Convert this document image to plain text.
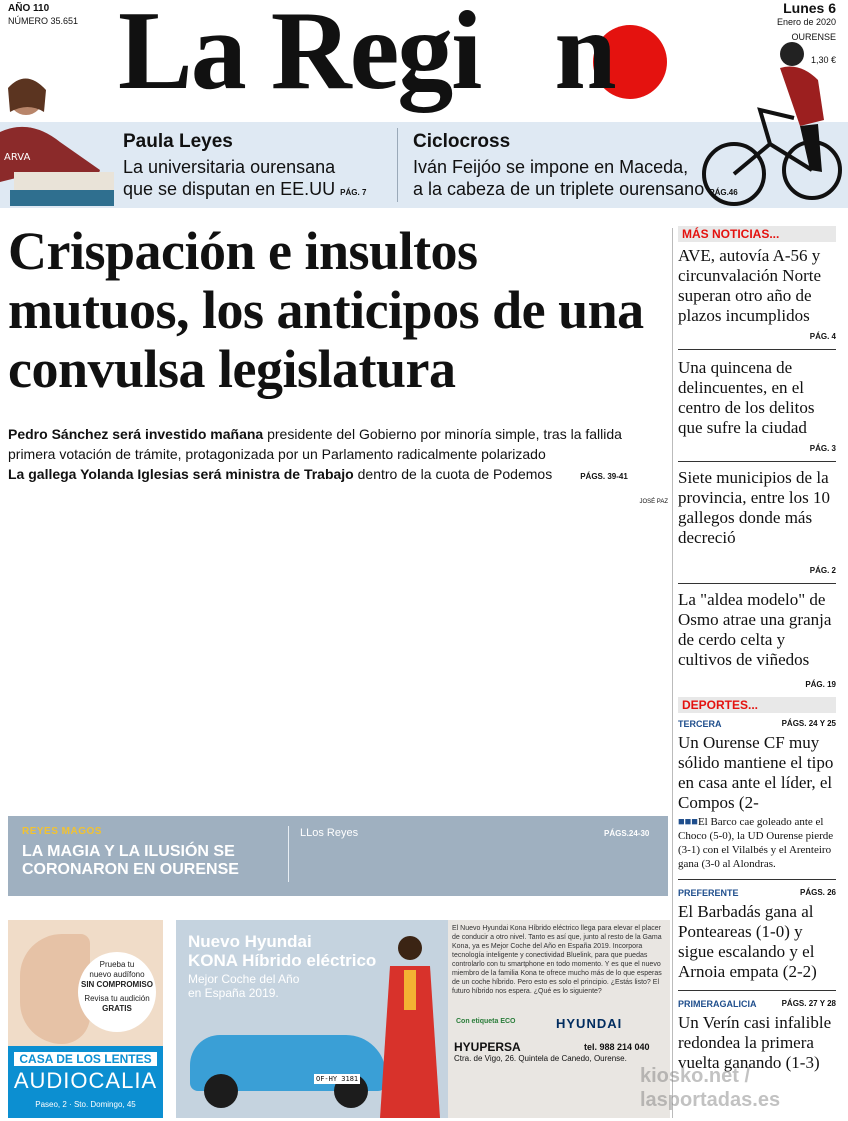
AÑO 110
NÚMERO 35.651 La Regi n	Lunes 6
Enero de 2020
OURENSE
1,30 €
ARVA
Paula Leyes
La universitaria ourensana
que se disputan en EE.UU PÁG. 7
Ciclocross
Iván Feijóo se impone en Maceda,
a la cabeza de un triplete ourensano PÁG.46
Crispación e insultos mutuos, los anticipos de una convulsa legislatura
Pedro Sánchez será investido mañana presidente del Gobierno por minoría simple, tras la fallida primera votación de trámite, protagonizada por un Parlamento radicalmente polarizado
La gallega Yolanda Iglesias será ministra de Trabajo dentro de la cuota de Podemos	PÁGS. 39-41
JOSÉ PAZ
REYES MAGOS
LA MAGIA Y LA ILUSIÓN SE CORONARON EN OURENSE
LLos Reyes	PÁGS.24-30
MÁS NOTICIAS...
AVE, autovía A-56 y circunvalación Norte superan otro año de plazos incumplidos
PÁG. 4
Una quincena de delincuentes, en el centro de los delitos que sufre la ciudad
PÁG. 3
Siete municipios de la provincia, entre los 10 gallegos donde más decreció
PÁG. 2
La "aldea modelo" de Osmo atrae una granja de cerdo celta y cultivos de viñedos
PÁG. 19
DEPORTES...
TERCERA	PÁGS. 24 Y 25
Un Ourense CF muy sólido mantiene el tipo en casa ante el líder, el Compos (2-
■■■El Barco cae goleado ante el Choco (5-0), la UD Ourense pierde (3-1) con el Vilalbés y el Arenteiro gana (3-0 al Alondras.
PREFERENTE	PÁGS. 26
El Barbadás gana al Ponteareas (1-0) y sigue escalando y el Arnoia empata (2-2)
PRIMERAGALICIA	PÁGS. 27 Y 28
Un Verín casi infalible redondea la primera vuelta ganando (1-3)
Prueba tu
nuevo audífono
SIN COMPROMISO
Revisa tu audición
GRATIS
CASA DE LOS LENTES
AUDIOCALIA
Paseo, 2 · Sto. Domingo, 45
Nuevo Hyundai
KONA Híbrido eléctrico
Mejor Coche del Año
en España 2019.
OF-HY 3181
El Nuevo Hyundai Kona Híbrido eléctrico llega para elevar el placer de conducir a otro nivel. Tanto es así que, junto al resto de la Gama Kona, ya es Mejor Coche del Año en España 2019. Incorpora tecnología inteligente y conectividad Bluelink, para que puedas controlarlo con tu smartphone en todo momento. Y es que el nuevo miembro de la familia Kona te ofrece mucho más de lo que esperas de un coche híbrido. Pero esto es solo el principio. ¿Estás listo? El futuro híbrido nos espera. ¿Qué es lo siguiente?
Con etiqueta ECO	HYUNDAI
HYUPERSA	tel. 988 214 040
Ctra. de Vigo, 26. Quintela de Canedo, Ourense.
kiosko.net / lasportadas.es
